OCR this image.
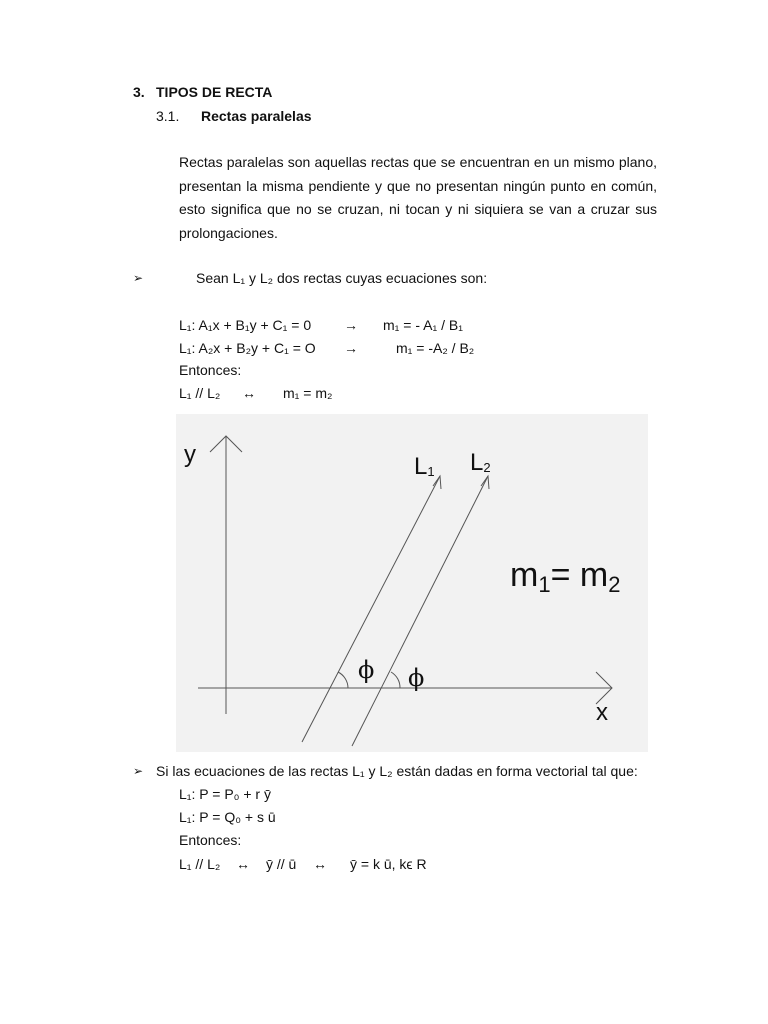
3. TIPOS DE RECTA
3.1. Rectas paralelas
Rectas paralelas son aquellas rectas que se encuentran en un mismo plano,
presentan la misma pendiente y que no presentan ningún punto en común,
esto significa que no se cruzan, ni tocan y ni siquiera se van a cruzar sus
prolongaciones.
➢	Sean L₁ y L₂ dos rectas cuyas ecuaciones son:
L₁: A₁x + B₁y + C₁ = 0 → m₁ = - A₁ / B₁
L₁: A₂x + B₂y + C₁ = O →	m₁ = -A₂ / B₂
Entonces:
L₁ // L₂ ↔ m₁ = m₂
y
x
L1 L2
m1= m2
ϕ ϕ
➢ Si las ecuaciones de las rectas L₁ y L₂ están dadas en forma vectorial tal que:
L₁: P = P₀ + r ȳ
L₁: P = Q₀ + s ū
Entonces:
L₁ // L₂ ↔ ȳ // ū ↔ ȳ = k ū, kϵ R
